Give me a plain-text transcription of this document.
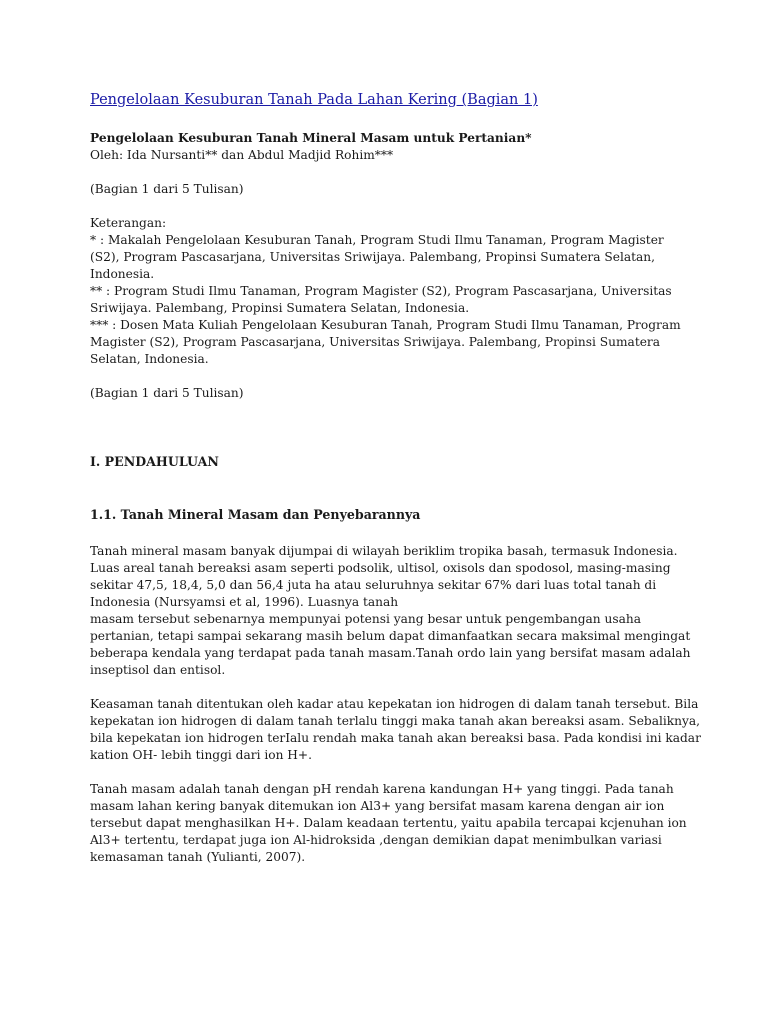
Pengelolaan Kesuburan Tanah Pada Lahan Kering (Bagian 1)
Pengelolaan Kesuburan Tanah Mineral Masam untuk Pertanian*
Oleh: Ida Nursanti** dan Abdul Madjid Rohim***

(Bagian 1 dari 5 Tulisan)

Keterangan:
* : Makalah Pengelolaan Kesuburan Tanah, Program Studi Ilmu Tanaman, Program Magister
(S2), Program Pascasarjana, Universitas Sriwijaya. Palembang, Propinsi Sumatera Selatan,
Indonesia.
** : Program Studi Ilmu Tanaman, Program Magister (S2), Program Pascasarjana, Universitas
Sriwijaya. Palembang, Propinsi Sumatera Selatan, Indonesia.
*** : Dosen Mata Kuliah Pengelolaan Kesuburan Tanah, Program Studi Ilmu Tanaman, Program
Magister (S2), Program Pascasarjana, Universitas Sriwijaya. Palembang, Propinsi Sumatera
Selatan, Indonesia.

(Bagian 1 dari 5 Tulisan)

I. PENDAHULUAN

1.1. Tanah Mineral Masam dan Penyebarannya

Tanah mineral masam banyak dijumpai di wilayah beriklim tropika basah, termasuk Indonesia.
Luas areal tanah bereaksi asam seperti podsolik, ultisol, oxisols dan spodosol, masing-masing
sekitar 47,5, 18,4, 5,0 dan 56,4 juta ha atau seluruhnya sekitar 67% dari luas total tanah di
Indonesia (Nursyamsi et al, 1996). Luasnya tanah
masam tersebut sebenarnya mempunyai potensi yang besar untuk pengembangan usaha
pertanian, tetapi sampai sekarang masih belum dapat dimanfaatkan secara maksimal mengingat
beberapa kendala yang terdapat pada tanah masam.Tanah ordo lain yang bersifat masam adalah
inseptisol dan entisol.
Keasaman tanah ditentukan oleh kadar atau kepekatan ion hidrogen di dalam tanah tersebut. Bila
kepekatan ion hidrogen di dalam tanah terlalu tinggi maka tanah akan bereaksi asam. Sebaliknya,
bila kepekatan ion hidrogen terIalu rendah maka tanah akan bereaksi basa. Pada kondisi ini kadar
kation OH- lebih tinggi dari ion H+.
Tanah masam adalah tanah dengan pH rendah karena kandungan H+ yang tinggi. Pada tanah
masam lahan kering banyak ditemukan ion Al3+ yang bersifat masam karena dengan air ion
tersebut dapat menghasilkan H+. Dalam keadaan tertentu, yaitu apabila tercapai kcjenuhan ion
Al3+ tertentu, terdapat juga ion Al-hidroksida ,dengan demikian dapat menimbulkan variasi
kemasaman tanah (Yulianti, 2007).
